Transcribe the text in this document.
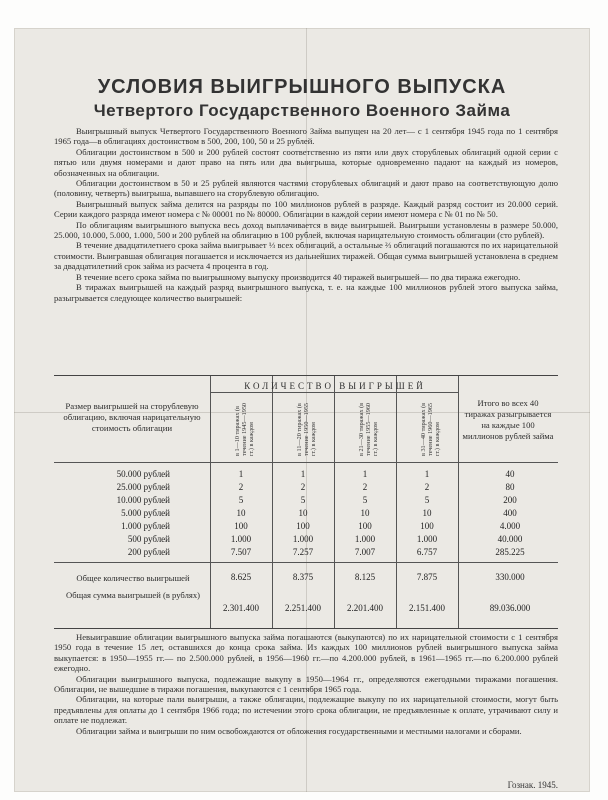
УСЛОВИЯ ВЫИГРЫШНОГО ВЫПУСКА
Четвертого Государственного Военного Займа

Выигрышный выпуск Четвертого Государственного Военного Займа выпущен на 20 лет— с 1 сентября 1945 года по 1 сентября 1965 года—в облигациях достоинством в 500, 200, 100, 50 и 25 рублей.

Облигации достоинством в 500 и 200 рублей состоят соответственно из пяти или двух сторублевых облигаций одной серии с пятью или двумя номерами и дают право на пять или два выигрыша, которые одновременно падают на каждый из номеров, обозначенных на облигации.

Облигации достоинством в 50 и 25 рублей являются частями сторублевых облигаций и дают право на соответствующую долю (половину, четверть) выигрыша, выпавшего на сторублевую облигацию.

Выигрышный выпуск займа делится на разряды по 100 миллионов рублей в разряде. Каждый разряд состоит из 20.000 серий. Серии каждого разряда имеют номера с № 00001 по № 80000. Облигации в каждой серии имеют номера с № 01 по № 50.

По облигациям выигрышного выпуска весь доход выплачивается в виде выигрышей. Выигрыши установлены в размере 50.000, 25.000, 10.000, 5.000, 1.000, 500 и 200 рублей на облигацию в 100 рублей, включая нарицательную стоимость облигации (сто рублей).

В течение двадцатилетнего срока займа выигрывает ⅓ всех облигаций, а остальные ⅔ облигаций погашаются по их нарицательной стоимости. Выигравшая облигация погашается и исключается из дальнейших тиражей. Общая сумма выигрышей установлена в среднем за двадцатилетний срок займа из расчета 4 процента в год.

В течение всего срока займа по выигрышному выпуску производится 40 тиражей выигрышей— по два тиража ежегодно.

В тиражах выигрышей на каждый разряд выигрышного выпуска, т. е. на каждые 100 миллионов рублей этого выпуска займа, разыгрывается следующее количество выигрышей:

Размер выигрышей на сторублевую облигацию, включая нарицательную стоимость облигации
КОЛИЧЕСТВО ВЫИГРЫШЕЙ
Итого во всех 40 тиражах разыгрывается на каждые 100 миллионов рублей займа
в 1—10 тиражах (в течение 1945—1950 гг.) в каждом	в 11—20 тиражах (в течение 1950—1955 гг.) в каждом	в 21—30 тиражах (в течение 1955—1960 гг.) в каждом	в 31—40 тиражах (в течение 1960—1965 гг.) в каждом
50.000 рублей	1	1	1	1	40
25.000 рублей	2	2	2	2	80
10.000 рублей	5	5	5	5	200
5.000 рублей	10	10	10	10	400
1.000 рублей	100	100	100	100	4.000
500 рублей	1.000	1.000	1.000	1.000	40.000
200 рублей	7.507	7.257	7.007	6.757	285.225
Общее количество выигрышей	8.625	8.375	8.125	7.875	330.000
Общая сумма выигрышей (в рублях)
2.301.400	2.251.400	2.201.400	2.151.400	89.036.000

Невыигравшие облигации выигрышного выпуска займа погашаются (выкупаются) по их нарицательной стоимости с 1 сентября 1950 года в течение 15 лет, оставшихся до конца срока займа. Из каждых 100 миллионов рублей выигрышного выпуска займа выкупается: в 1950—1955 гг.— по 2.500.000 рублей, в 1956—1960 гг.—по 4.200.000 рублей, в 1961—1965 гг.—по 6.200.000 рублей ежегодно.

Облигации выигрышного выпуска, подлежащие выкупу в 1950—1964 гг., определяются ежегодными тиражами погашения. Облигации, не вышедшие в тиражи погашения, выкупаются с 1 сентября 1965 года.

Облигации, на которые пали выигрыши, а также облигации, подлежащие выкупу по их нарицательной стоимости, могут быть предъявлены для оплаты до 1 сентября 1966 года; по истечении этого срока облигации, не предъявленные к оплате, утрачивают силу и оплате не подлежат.

Облигации займа и выигрыши по ним освобождаются от обложения государственными и местными налогами и сборами.

Гознак. 1945.
